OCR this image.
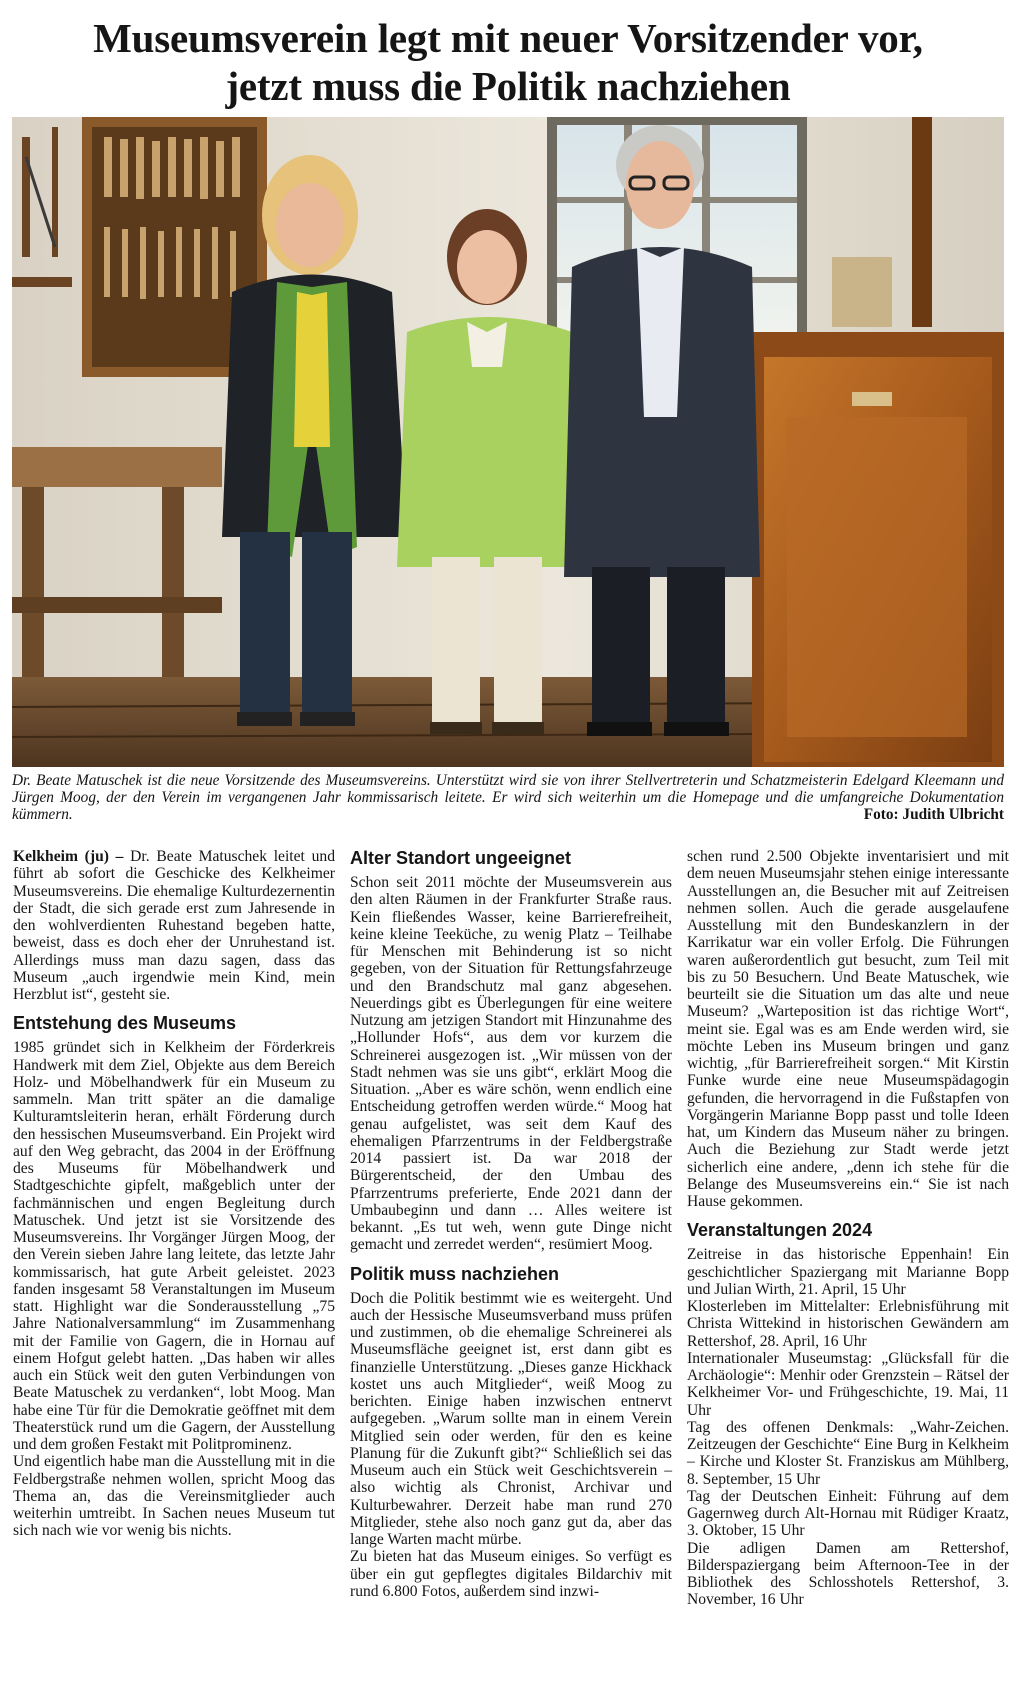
Museumsverein legt mit neuer Vorsitzender vor,
jetzt muss die Politik nachziehen
Dr. Beate Matuschek ist die neue Vorsitzende des Museumsvereins. Unterstützt wird sie von ihrer Stellvertreterin und Schatzmeisterin Edelgard Kleemann und Jürgen Moog, der den Verein im vergangenen Jahr kommissarisch leitete. Er wird sich weiterhin um die Homepage und die umfangreiche Dokumentation kümmern.	Foto: Judith Ulbricht

Kelkheim (ju) – Dr. Beate Matuschek leitet und führt ab sofort die Geschicke des Kelkheimer Museumsvereins. Die ehemalige Kulturdezernentin der Stadt, die sich gerade erst zum Jahresende in den wohlverdienten Ruhestand begeben hatte, beweist, dass es doch eher der Unruhestand ist. Allerdings muss man dazu sagen, dass das Museum „auch irgendwie mein Kind, mein Herzblut ist“, gesteht sie.

Entstehung des Museums

1985 gründet sich in Kelkheim der Förderkreis Handwerk mit dem Ziel, Objekte aus dem Bereich Holz- und Möbelhandwerk für ein Museum zu sammeln. Man tritt später an die damalige Kulturamtsleiterin heran, erhält Förderung durch den hessischen Museumsverband. Ein Projekt wird auf den Weg gebracht, das 2004 in der Eröffnung des Museums für Möbelhandwerk und Stadtgeschichte gipfelt, maßgeblich unter der fachmännischen und engen Begleitung durch Matuschek. Und jetzt ist sie Vorsitzende des Museumsvereins. Ihr Vorgänger Jürgen Moog, der den Verein sieben Jahre lang leitete, das letzte Jahr kommissarisch, hat gute Arbeit geleistet. 2023 fanden insgesamt 58 Veranstaltungen im Museum statt. Highlight war die Sonderausstellung „75 Jahre Nationalversammlung“ im Zusammenhang mit der Familie von Gagern, die in Hornau auf einem Hofgut gelebt hatten. „Das haben wir alles auch ein Stück weit den guten Verbindungen von Beate Matuschek zu verdanken“, lobt Moog. Man habe eine Tür für die Demokratie geöffnet mit dem Theaterstück rund um die Gagern, der Ausstellung und dem großen Festakt mit Politprominenz.

Und eigentlich habe man die Ausstellung mit in die Feldbergstraße nehmen wollen, spricht Moog das Thema an, das die Vereinsmitglieder auch weiterhin umtreibt. In Sachen neues Museum tut sich nach wie vor wenig bis nichts.

Alter Standort ungeeignet

Schon seit 2011 möchte der Museumsverein aus den alten Räumen in der Frankfurter Straße raus. Kein fließendes Wasser, keine Barrierefreiheit, keine kleine Teeküche, zu wenig Platz – Teilhabe für Menschen mit Behinderung ist so nicht gegeben, von der Situation für Rettungsfahrzeuge und den Brandschutz mal ganz abgesehen. Neuerdings gibt es Überlegungen für eine weitere Nutzung am jetzigen Standort mit Hinzunahme des „Hollunder Hofs“, aus dem vor kurzem die Schreinerei ausgezogen ist. „Wir müssen von der Stadt nehmen was sie uns gibt“, erklärt Moog die Situation. „Aber es wäre schön, wenn endlich eine Entscheidung getroffen werden würde.“ Moog hat genau aufgelistet, was seit dem Kauf des ehemaligen Pfarrzentrums in der Feldbergstraße 2014 passiert ist. Da war 2018 der Bürgerentscheid, der den Umbau des Pfarrzentrums preferierte, Ende 2021 dann der Umbaubeginn und dann … Alles weitere ist bekannt. „Es tut weh, wenn gute Dinge nicht gemacht und zerredet werden“, resümiert Moog.

Politik muss nachziehen

Doch die Politik bestimmt wie es weitergeht. Und auch der Hessische Museumsverband muss prüfen und zustimmen, ob die ehemalige Schreinerei als Museumsfläche geeignet ist, erst dann gibt es finanzielle Unterstützung. „Dieses ganze Hickhack kostet uns auch Mitglieder“, weiß Moog zu berichten. Einige haben inzwischen entnervt aufgegeben. „Warum sollte man in einem Verein Mitglied sein oder werden, für den es keine Planung für die Zukunft gibt?“ Schließlich sei das Museum auch ein Stück weit Geschichtsverein – also wichtig als Chronist, Archivar und Kulturbewahrer. Derzeit habe man rund 270 Mitglieder, stehe also noch ganz gut da, aber das lange Warten macht mürbe.

Zu bieten hat das Museum einiges. So verfügt es über ein gut gepflegtes digitales Bildarchiv mit rund 6.800 Fotos, außerdem sind inzwi-

schen rund 2.500 Objekte inventarisiert und mit dem neuen Museumsjahr stehen einige interessante Ausstellungen an, die Besucher mit auf Zeitreisen nehmen sollen. Auch die gerade ausgelaufene Ausstellung mit den Bundeskanzlern in der Karrikatur war ein voller Erfolg. Die Führungen waren außerordentlich gut besucht, zum Teil mit bis zu 50 Besuchern. Und Beate Matuschek, wie beurteilt sie die Situation um das alte und neue Museum? „Warteposition ist das richtige Wort“, meint sie. Egal was es am Ende werden wird, sie möchte Leben ins Museum bringen und ganz wichtig, „für Barrierefreiheit sorgen.“ Mit Kirstin Funke wurde eine neue Museumspädagogin gefunden, die hervorragend in die Fußstapfen von Vorgängerin Marianne Bopp passt und tolle Ideen hat, um Kindern das Museum näher zu bringen. Auch die Beziehung zur Stadt werde jetzt sicherlich eine andere, „denn ich stehe für die Belange des Museumsvereins ein.“ Sie ist nach Hause gekommen.

Veranstaltungen 2024

Zeitreise in das historische Eppenhain! Ein geschichtlicher Spaziergang mit Marianne Bopp und Julian Wirth, 21. April, 15 Uhr

Klosterleben im Mittelalter: Erlebnisführung mit Christa Wittekind in historischen Gewändern am Rettershof, 28. April, 16 Uhr

Internationaler Museumstag: „Glücksfall für die Archäologie“: Menhir oder Grenzstein – Rätsel der Kelkheimer Vor- und Frühgeschichte, 19. Mai, 11 Uhr

Tag des offenen Denkmals: „Wahr-Zeichen. Zeitzeugen der Geschichte“ Eine Burg in Kelkheim – Kirche und Kloster St. Franziskus am Mühlberg, 8. September, 15 Uhr

Tag der Deutschen Einheit: Führung auf dem Gagernweg durch Alt-Hornau mit Rüdiger Kraatz, 3. Oktober, 15 Uhr

Die adligen Damen am Rettershof, Bilderspaziergang beim Afternoon-Tee in der Bibliothek des Schlosshotels Rettershof, 3. November, 16 Uhr
